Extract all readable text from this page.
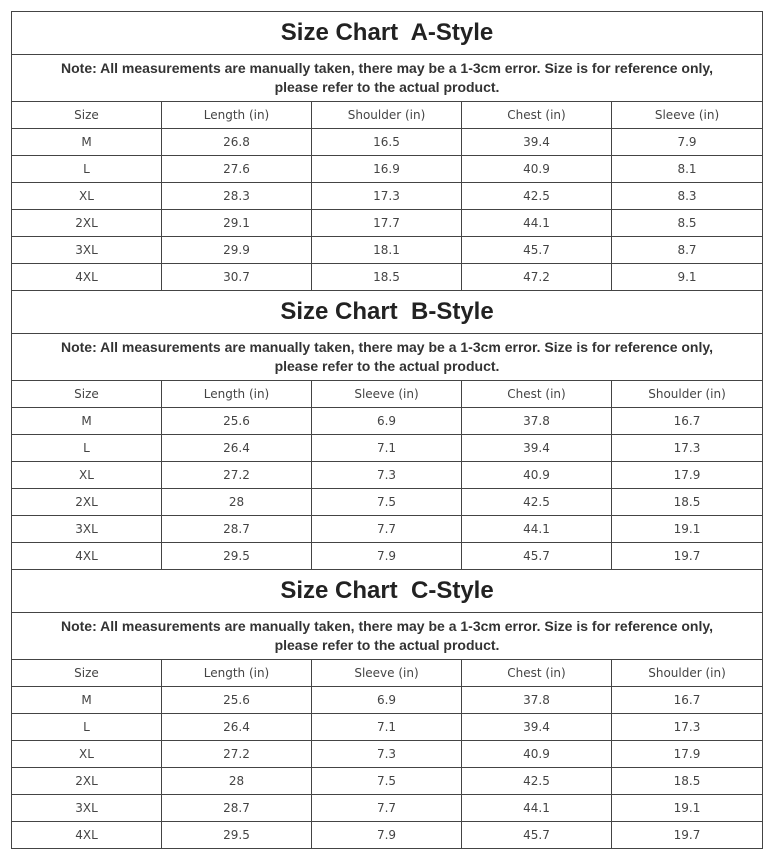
Size Chart  A-Style				

Note: All measurements are manually taken, there may be a 1-3cm error. Size is for reference only,
please refer to the actual product.				

Size	Length (in)	Shoulder (in)	Chest (in)	Sleeve (in)
M	26.8	16.5	39.4	7.9
L	27.6	16.9	40.9	8.1
XL	28.3	17.3	42.5	8.3
2XL	29.1	17.7	44.1	8.5
3XL	29.9	18.1	45.7	8.7
4XL	30.7	18.5	47.2	9.1
Size Chart  B-Style				

Note: All measurements are manually taken, there may be a 1-3cm error. Size is for reference only,
please refer to the actual product.				

Size	Length (in)	Sleeve (in)	Chest (in)	Shoulder (in)
M	25.6	6.9	37.8	16.7
L	26.4	7.1	39.4	17.3
XL	27.2	7.3	40.9	17.9
2XL	28	7.5	42.5	18.5
3XL	28.7	7.7	44.1	19.1
4XL	29.5	7.9	45.7	19.7
Size Chart  C-Style				

Note: All measurements are manually taken, there may be a 1-3cm error. Size is for reference only,
please refer to the actual product.				

Size	Length (in)	Sleeve (in)	Chest (in)	Shoulder (in)
M	25.6	6.9	37.8	16.7
L	26.4	7.1	39.4	17.3
XL	27.2	7.3	40.9	17.9
2XL	28	7.5	42.5	18.5
3XL	28.7	7.7	44.1	19.1
4XL	29.5	7.9	45.7	19.7
